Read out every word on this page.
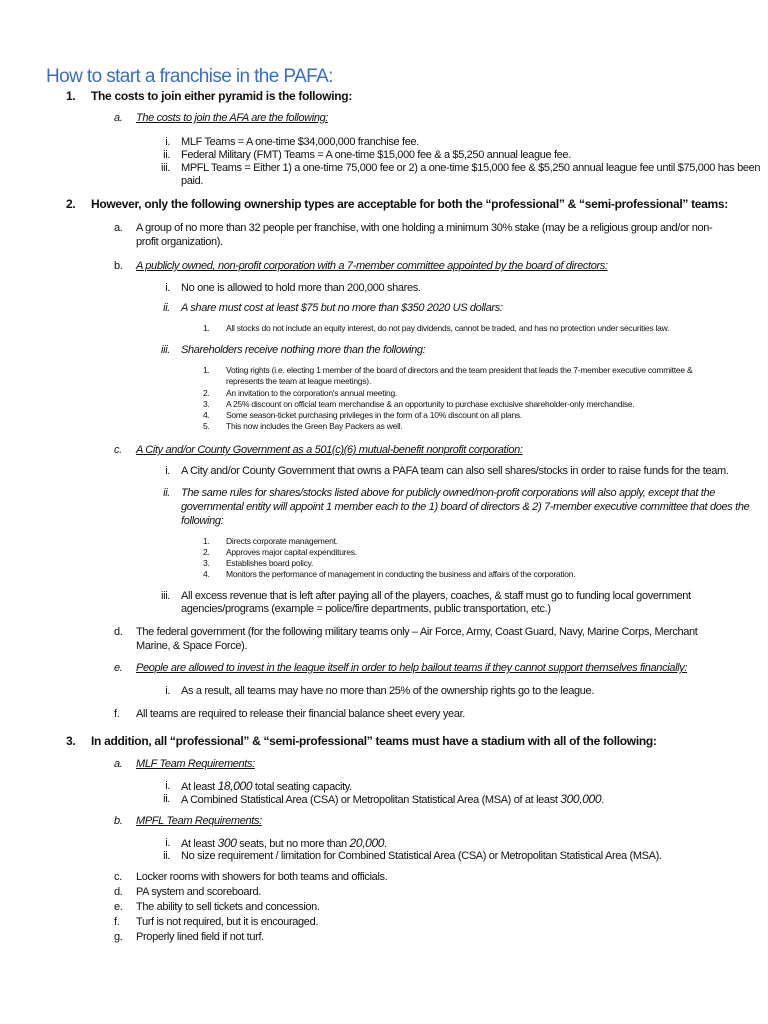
How to start a franchise in the PAFA:
1. The costs to join either pyramid is the following:
a. The costs to join the AFA are the following:
i. MLF Teams = A one-time $34,000,000 franchise fee.
ii. Federal Military (FMT) Teams = A one-time $15,000 fee & a $5,250 annual league fee.
iii. MPFL Teams = Either 1) a one-time 75,000 fee or 2) a one-time $15,000 fee & $5,250 annual league fee until $75,000 has been
paid.
2. However, only the following ownership types are acceptable for both the “professional” & “semi-professional” teams:
a. A group of no more than 32 people per franchise, with one holding a minimum 30% stake (may be a religious group and/or non-
profit organization).
b. A publicly owned, non-profit corporation with a 7-member committee appointed by the board of directors:
i. No one is allowed to hold more than 200,000 shares.
ii. A share must cost at least $75 but no more than $350 2020 US dollars:
1. All stocks do not include an equity interest, do not pay dividends, cannot be traded, and has no protection under securities law.
iii. Shareholders receive nothing more than the following:
1. Voting rights (i.e. electing 1 member of the board of directors and the team president that leads the 7-member executive committee &
represents the team at league meetings).
2. An invitation to the corporation's annual meeting.
3. A 25% discount on official team merchandise & an opportunity to purchase exclusive shareholder-only merchandise.
4. Some season-ticket purchasing privileges in the form of a 10% discount on all plans.
5. This now includes the Green Bay Packers as well.
c. A City and/or County Government as a 501(c)(6) mutual-benefit nonprofit corporation:
i. A City and/or County Government that owns a PAFA team can also sell shares/stocks in order to raise funds for the team.
ii. The same rules for shares/stocks listed above for publicly owned/non-profit corporations will also apply, except that the
governmental entity will appoint 1 member each to the 1) board of directors & 2) 7-member executive committee that does the
following:
1. Directs corporate management.
2. Approves major capital expenditures.
3. Establishes board policy.
4. Monitors the performance of management in conducting the business and affairs of the corporation.
iii. All excess revenue that is left after paying all of the players, coaches, & staff must go to funding local government
agencies/programs (example = police/fire departments, public transportation, etc.)
d. The federal government (for the following military teams only – Air Force, Army, Coast Guard, Navy, Marine Corps, Merchant
Marine, & Space Force).
e. People are allowed to invest in the league itself in order to help bailout teams if they cannot support themselves financially:
i. As a result, all teams may have no more than 25% of the ownership rights go to the league.
f. All teams are required to release their financial balance sheet every year.
3. In addition, all “professional” & “semi-professional” teams must have a stadium with all of the following:
a. MLF Team Requirements:
i. At least 18,000 total seating capacity.
ii. A Combined Statistical Area (CSA) or Metropolitan Statistical Area (MSA) of at least 300,000.
b. MPFL Team Requirements:
i. At least 300 seats, but no more than 20,000.
ii. No size requirement / limitation for Combined Statistical Area (CSA) or Metropolitan Statistical Area (MSA).
c. Locker rooms with showers for both teams and officials.
d. PA system and scoreboard.
e. The ability to sell tickets and concession.
f. Turf is not required, but it is encouraged.
g. Properly lined field if not turf.
